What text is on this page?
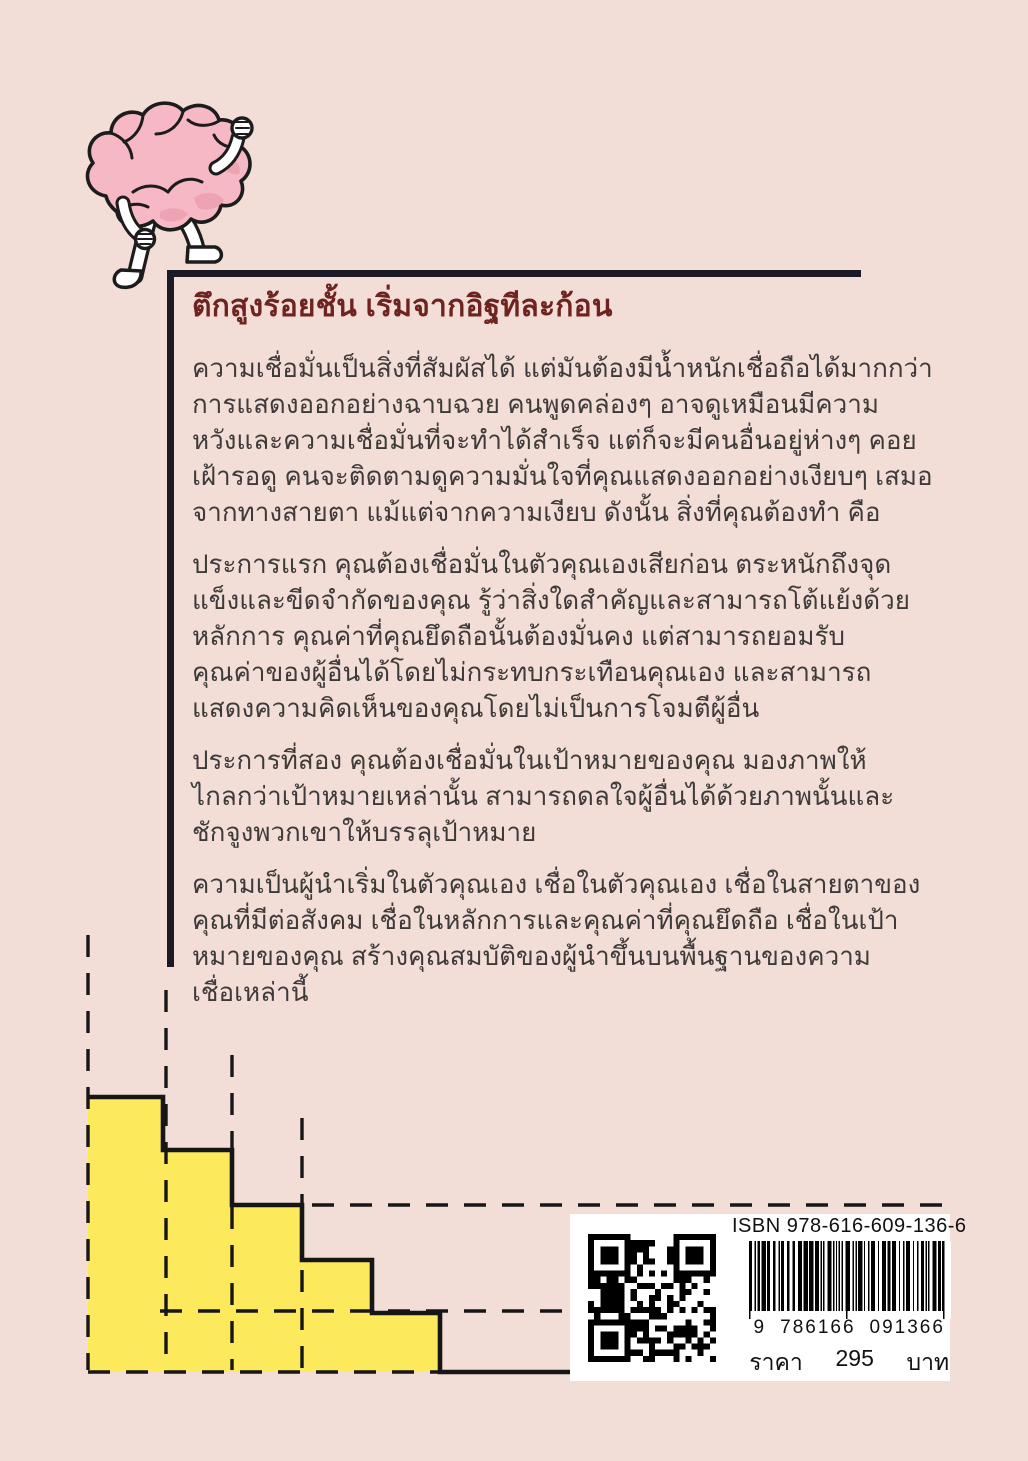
ตึกสูงร้อยชั้น เริ่มจากอิฐทีละก้อน
ความเชื่อมั่นเป็นสิ่งที่สัมผัสได้ แต่มันต้องมีน้ำหนักเชื่อถือได้มากกว่า
การแสดงออกอย่างฉาบฉวย คนพูดคล่องๆ อาจดูเหมือนมีความ
หวังและความเชื่อมั่นที่จะทำได้สำเร็จ แต่ก็จะมีคนอื่นอยู่ห่างๆ คอย
เฝ้ารอดู คนจะติดตามดูความมั่นใจที่คุณแสดงออกอย่างเงียบๆ เสมอ
จากทางสายตา แม้แต่จากความเงียบ ดังนั้น สิ่งที่คุณต้องทำ คือ
ประการแรก คุณต้องเชื่อมั่นในตัวคุณเองเสียก่อน ตระหนักถึงจุด
แข็งและขีดจำกัดของคุณ รู้ว่าสิ่งใดสำคัญและสามารถโต้แย้งด้วย
หลักการ คุณค่าที่คุณยึดถือนั้นต้องมั่นคง แต่สามารถยอมรับ
คุณค่าของผู้อื่นได้โดยไม่กระทบกระเทือนคุณเอง และสามารถ
แสดงความคิดเห็นของคุณโดยไม่เป็นการโจมตีผู้อื่น
ประการที่สอง คุณต้องเชื่อมั่นในเป้าหมายของคุณ มองภาพให้
ไกลกว่าเป้าหมายเหล่านั้น สามารถดลใจผู้อื่นได้ด้วยภาพนั้นและ
ชักจูงพวกเขาให้บรรลุเป้าหมาย
ความเป็นผู้นำเริ่มในตัวคุณเอง เชื่อในตัวคุณเอง เชื่อในสายตาของ
คุณที่มีต่อสังคม เชื่อในหลักการและคุณค่าที่คุณยึดถือ เชื่อในเป้า
หมายของคุณ สร้างคุณสมบัติของผู้นำขึ้นบนพื้นฐานของความ
เชื่อเหล่านี้
ISBN 978-616-609-136-6
9 786166 091366
ราคา 295 บาท
